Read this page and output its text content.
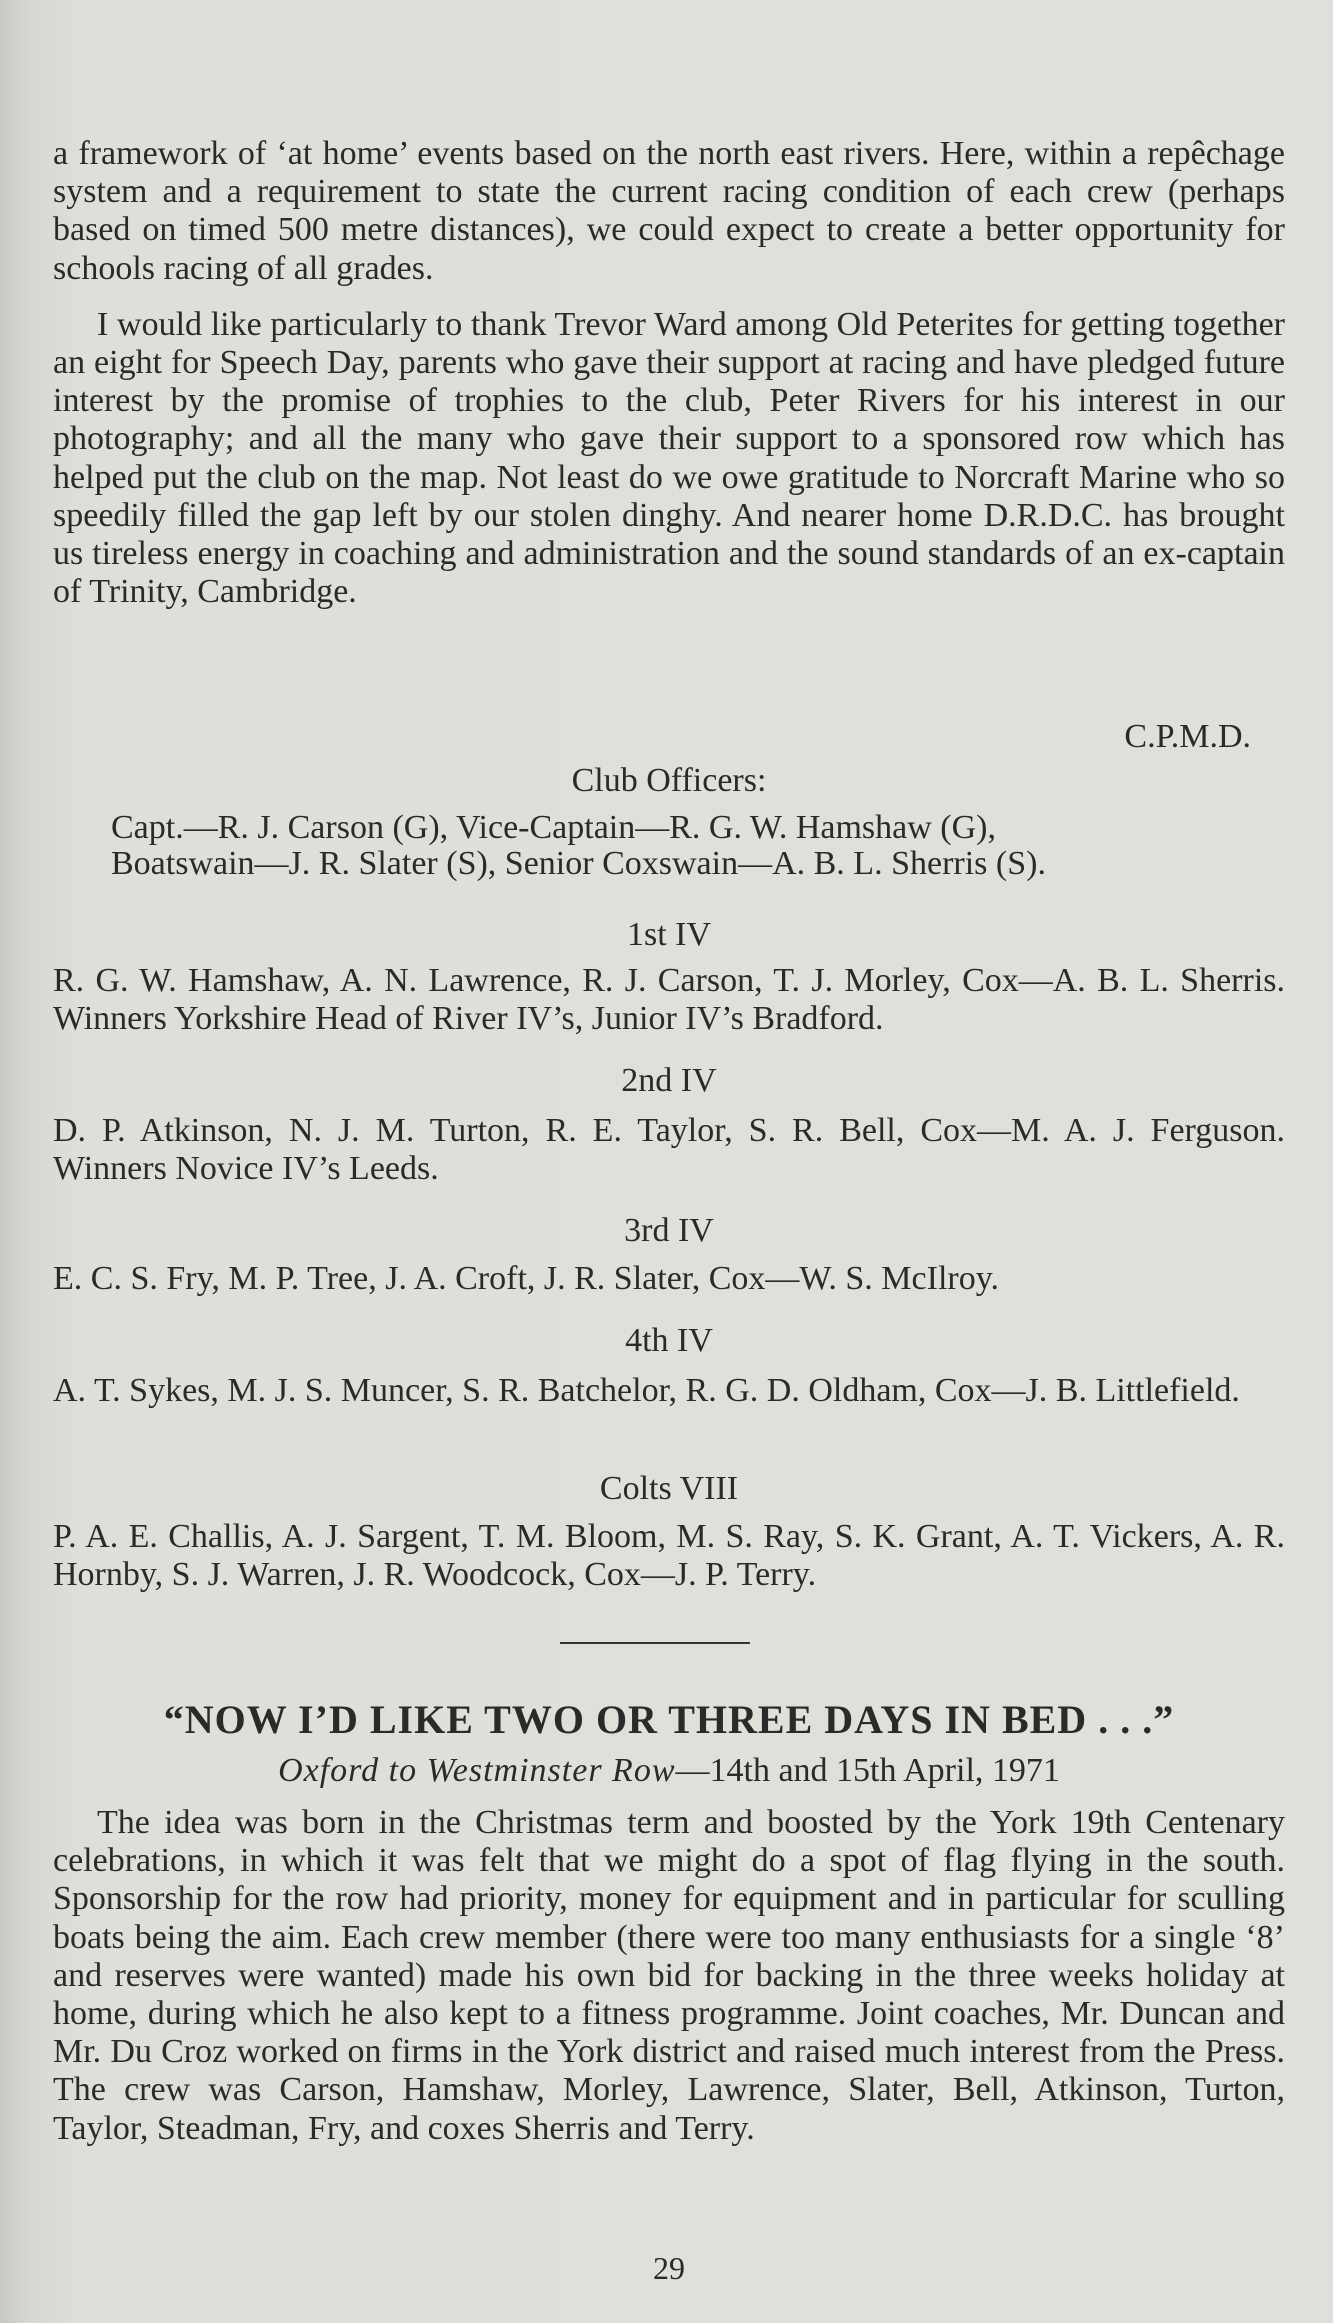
a framework of ‘at home’ events based on the north east rivers. Here, within a repêchage system and a requirement to state the current racing condition of each crew (perhaps based on timed 500 metre distances), we could expect to create a better opportunity for schools racing of all grades.

I would like particularly to thank Trevor Ward among Old Peterites for getting together an eight for Speech Day, parents who gave their support at racing and have pledged future interest by the promise of trophies to the club, Peter Rivers for his interest in our photography; and all the many who gave their support to a sponsored row which has helped put the club on the map. Not least do we owe gratitude to Norcraft Marine who so speedily filled the gap left by our stolen dinghy. And nearer home D.R.D.C. has brought us tireless energy in coaching and administration and the sound standards of an ex-captain of Trinity, Cambridge.

C.P.M.D.
Club Officers:
Capt.—R. J. Carson (G), Vice-Captain—R. G. W. Hamshaw (G),
Boatswain—J. R. Slater (S), Senior Coxswain—A. B. L. Sherris (S).
1st IV

R. G. W. Hamshaw, A. N. Lawrence, R. J. Carson, T. J. Morley, Cox—A. B. L. Sherris. Winners Yorkshire Head of River IV’s, Junior IV’s Bradford.

2nd IV

D. P. Atkinson, N. J. M. Turton, R. E. Taylor, S. R. Bell, Cox—M. A. J. Ferguson. Winners Novice IV’s Leeds.

3rd IV

E. C. S. Fry, M. P. Tree, J. A. Croft, J. R. Slater, Cox—W. S. McIlroy.

4th IV

A. T. Sykes, M. J. S. Muncer, S. R. Batchelor, R. G. D. Oldham, Cox—J. B. Littlefield.

Colts VIII

P. A. E. Challis, A. J. Sargent, T. M. Bloom, M. S. Ray, S. K. Grant, A. T. Vickers, A. R. Hornby, S. J. Warren, J. R. Woodcock, Cox—J. P. Terry.

“NOW I’D LIKE TWO OR THREE DAYS IN BED . . .”
Oxford to Westminster Row—14th and 15th April, 1971

The idea was born in the Christmas term and boosted by the York 19th Centenary celebrations, in which it was felt that we might do a spot of flag flying in the south. Sponsorship for the row had priority, money for equipment and in particular for sculling boats being the aim. Each crew member (there were too many enthusiasts for a single ‘8’ and reserves were wanted) made his own bid for backing in the three weeks holiday at home, during which he also kept to a fitness programme. Joint coaches, Mr. Duncan and Mr. Du Croz worked on firms in the York district and raised much interest from the Press. The crew was Carson, Hamshaw, Morley, Lawrence, Slater, Bell, Atkinson, Turton, Taylor, Steadman, Fry, and coxes Sherris and Terry.

29
